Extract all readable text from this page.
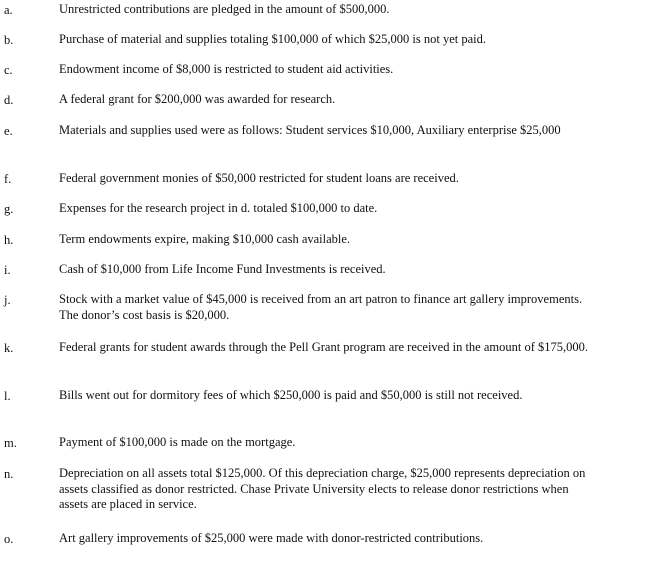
a.	Unrestricted contributions are pledged in the amount of $500,000.
b.	Purchase of material and supplies totaling $100,000 of which $25,000 is not yet paid.
c.	Endowment income of $8,000 is restricted to student aid activities.
d.	A federal grant for $200,000 was awarded for research.
e.	Materials and supplies used were as follows: Student services $10,000, Auxiliary enterprise $25,000
f.	Federal government monies of $50,000 restricted for student loans are received.
g.	Expenses for the research project in d. totaled $100,000 to date.
h.	Term endowments expire, making $10,000 cash available.
i.	Cash of $10,000 from Life Income Fund Investments is received.
j.	Stock with a market value of $45,000 is received from an art patron to finance art gallery improvements. The donor’s cost basis is $20,000.
k.	Federal grants for student awards through the Pell Grant program are received in the amount of $175,000.
l.	Bills went out for dormitory fees of which $250,000 is paid and $50,000 is still not received.
m.	Payment of $100,000 is made on the mortgage.
n.	Depreciation on all assets total $125,000. Of this depreciation charge, $25,000 represents depreciation on assets classified as donor restricted. Chase Private University elects to release donor restrictions when assets are placed in service.
o.	Art gallery improvements of $25,000 were made with donor-restricted contributions.
